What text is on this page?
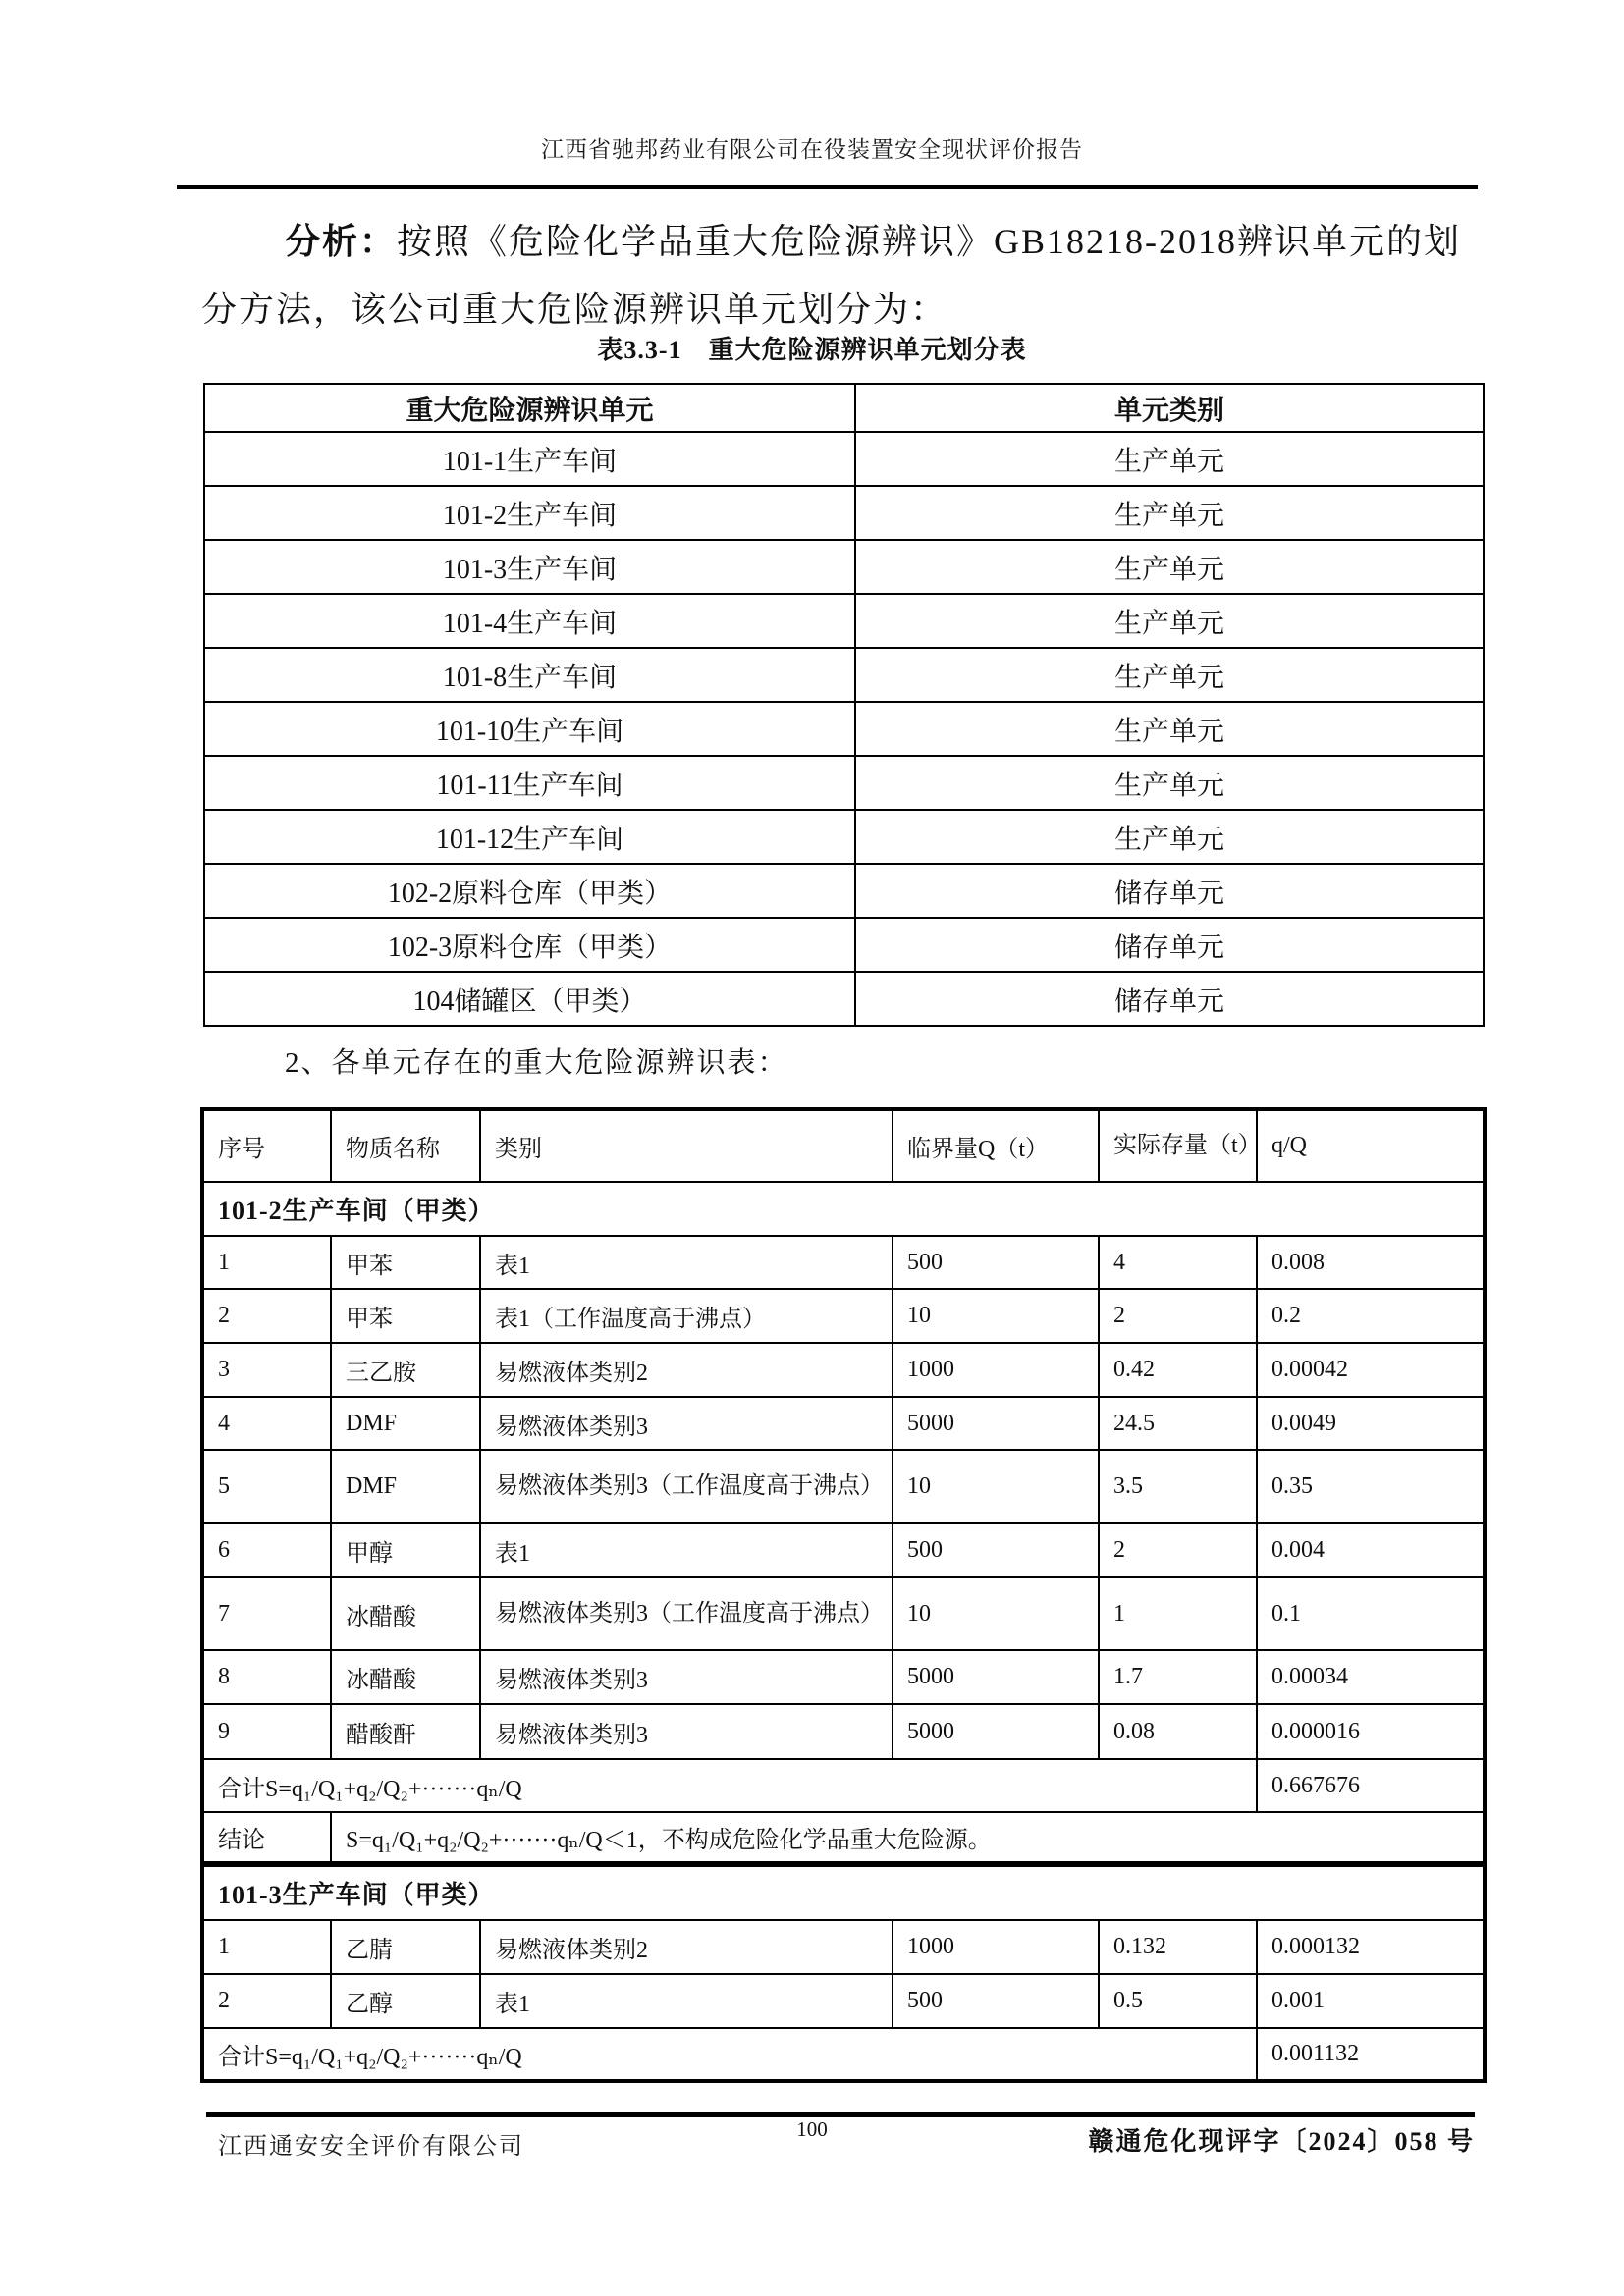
江西省驰邦药业有限公司在役装置安全现状评价报告
分析：按照《危险化学品重大危险源辨识》GB18218-2018辨识单元的划
分方法，该公司重大危险源辨识单元划分为：
表3.3-1　重大危险源辨识单元划分表
重大危险源辨识单元	单元类别
101-1生产车间	生产单元
101-2生产车间	生产单元
101-3生产车间	生产单元
101-4生产车间	生产单元
101-8生产车间	生产单元
101-10生产车间	生产单元
101-11生产车间	生产单元
101-12生产车间	生产单元
102-2原料仓库（甲类）	储存单元
102-3原料仓库（甲类）	储存单元
104储罐区（甲类）	储存单元
2、各单元存在的重大危险源辨识表：
序号	物质名称	类别	临界量Q（t）	实际存量（t）	q/Q
101-2生产车间（甲类）					
1	甲苯	表1	500	4	0.008
2	甲苯	表1（工作温度高于沸点）	10	2	0.2
3	三乙胺	易燃液体类别2	1000	0.42	0.00042
4	DMF	易燃液体类别3	5000	24.5	0.0049
5	DMF	易燃液体类别3（工作温度高于沸点）	10	3.5	0.35
6	甲醇	表1	500	2	0.004
7	冰醋酸	易燃液体类别3（工作温度高于沸点）	10	1	0.1
8	冰醋酸	易燃液体类别3	5000	1.7	0.00034
9	醋酸酐	易燃液体类别3	5000	0.08	0.000016
合计S=q₁/Q₁+q₂/Q₂+·······qₙ/Q					0.667676
结论	S=q₁/Q₁+q₂/Q₂+·······qₙ/Q＜1，不构成危险化学品重大危险源。				
101-3生产车间（甲类）					
1	乙腈	易燃液体类别2	1000	0.132	0.000132
2	乙醇	表1	500	0.5	0.001
合计S=q₁/Q₁+q₂/Q₂+·······qₙ/Q					0.001132
江西通安安全评价有限公司
100	赣通危化现评字〔2024〕058 号
